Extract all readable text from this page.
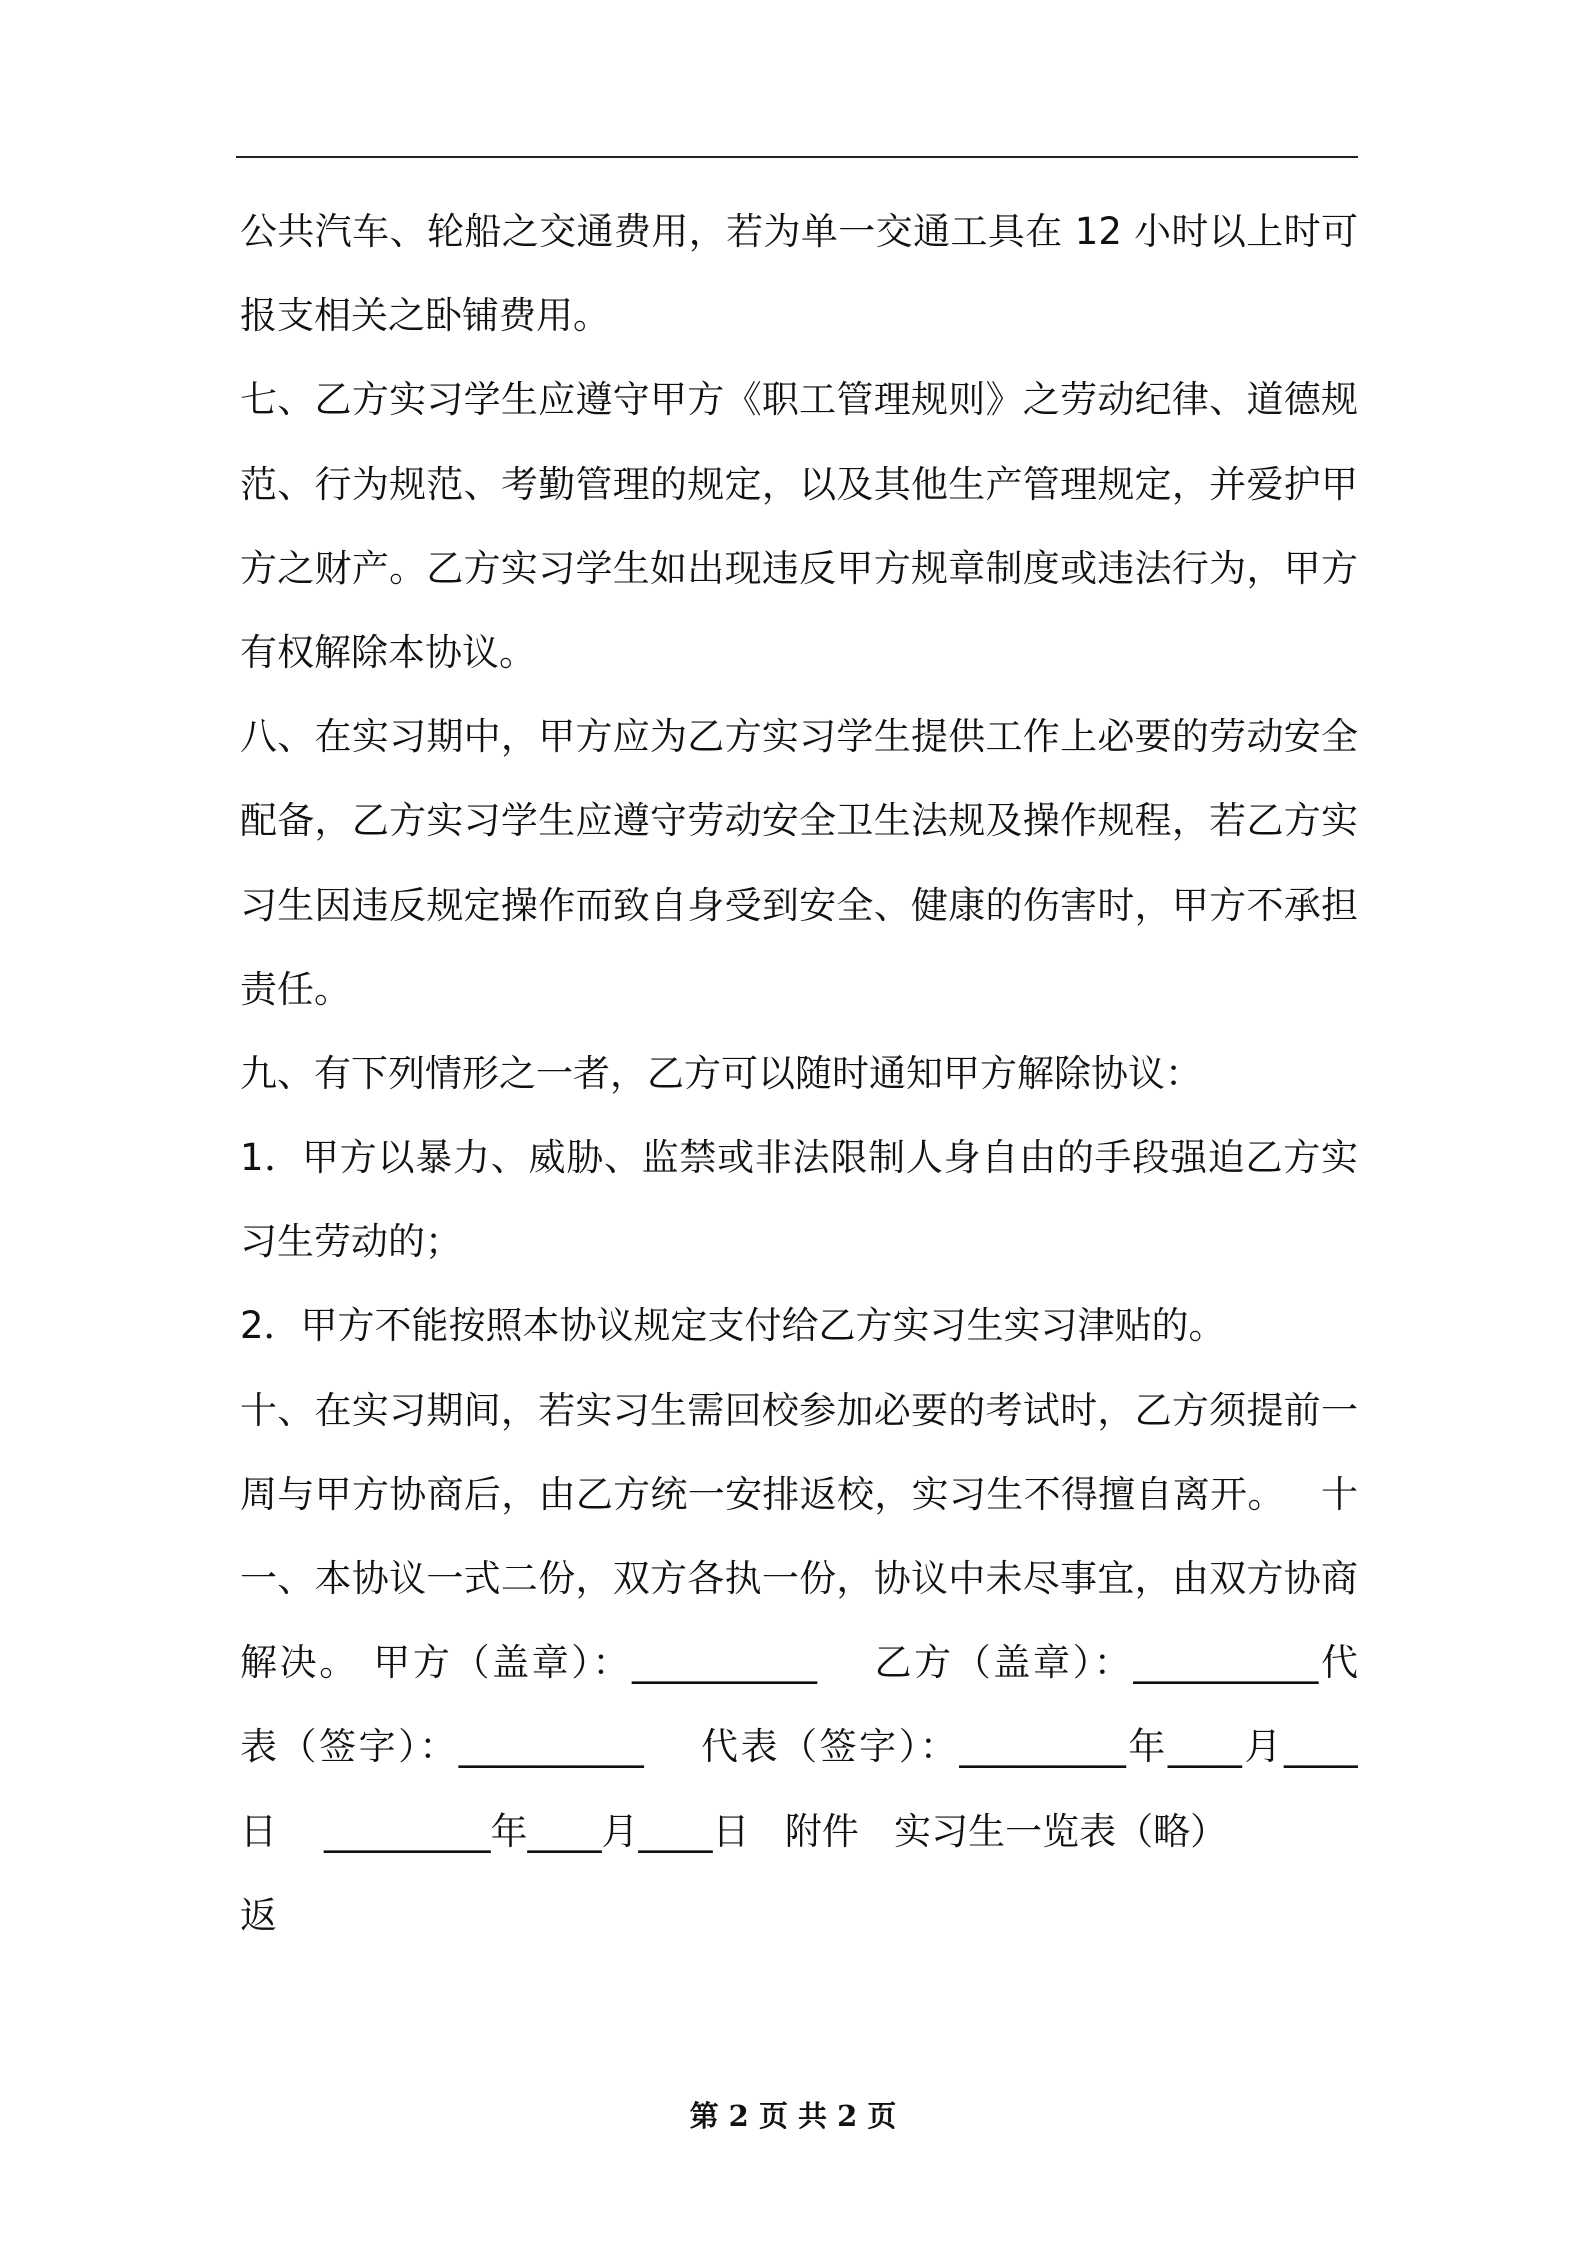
公共汽车、轮船之交通费用，若为单一交通工具在 12 小时以上时可
报支相关之卧铺费用。
七、乙方实习学生应遵守甲方《职工管理规则》之劳动纪律、道德规
范、行为规范、考勤管理的规定，以及其他生产管理规定，并爱护甲
方之财产。乙方实习学生如出现违反甲方规章制度或违法行为，甲方
有权解除本协议。
八、在实习期中，甲方应为乙方实习学生提供工作上必要的劳动安全
配备，乙方实习学生应遵守劳动安全卫生法规及操作规程，若乙方实
习生因违反规定操作而致自身受到安全、健康的伤害时，甲方不承担
责任。
九、有下列情形之一者，乙方可以随时通知甲方解除协议：
1．甲方以暴力、威胁、监禁或非法限制人身自由的手段强迫乙方实
习生劳动的；
2．甲方不能按照本协议规定支付给乙方实习生实习津贴的。
十、在实习期间，若实习生需回校参加必要的考试时，乙方须提前一
周与甲方协商后，由乙方统一安排返校，实习生不得擅自离开。   十
一、本协议一式二份，双方各执一份，协议中未尽事宜，由双方协商
解决。 甲方（盖章）：__________    乙方（盖章）：__________代
表（签字）：__________    代表（签字）：_________年____月____
日    _________年____月____日   附件   实习生一览表（略）
返
第 2 页 共 2 页
